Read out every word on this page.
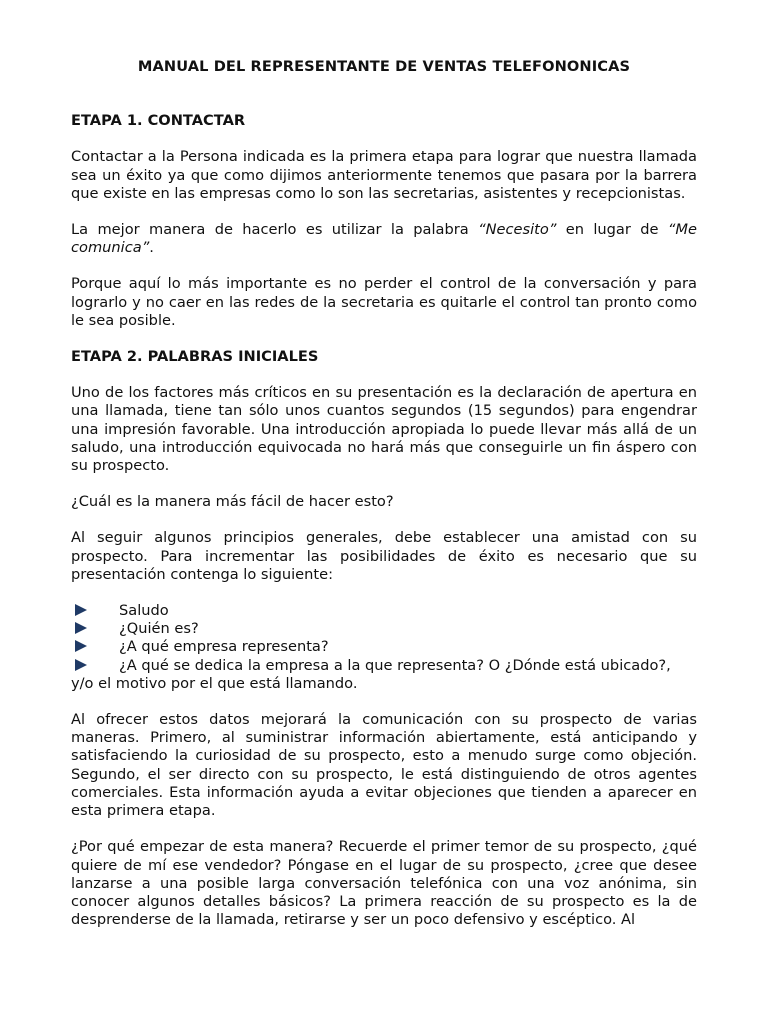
MANUAL DEL REPRESENTANTE DE VENTAS TELEFONONICAS
ETAPA 1. CONTACTAR

Contactar a la Persona indicada es la primera etapa para lograr que nuestra llamada sea un éxito ya que como dijimos anteriormente tenemos que pasara por la barrera que existe en las empresas como lo son las secretarias, asistentes y recepcionistas.

La mejor manera de hacerlo es utilizar la palabra “Necesito” en lugar de “Me comunica”.

Porque aquí lo más importante es no perder el control de la conversación y para lograrlo y no caer en las redes de la secretaria es quitarle el control tan pronto como le sea posible.

ETAPA 2. PALABRAS INICIALES

Uno de los factores más críticos en su presentación es la declaración de apertura en una llamada, tiene tan sólo unos cuantos segundos (15 segundos) para engendrar una impresión favorable. Una introducción apropiada lo puede llevar más allá de un saludo, una introducción equivocada no hará más que conseguirle un fin áspero con su prospecto.

¿Cuál es la manera más fácil de hacer esto?

Al seguir algunos principios generales, debe establecer una amistad con su prospecto. Para incrementar las posibilidades de éxito es necesario que su presentación contenga lo siguiente:

Saludo
¿Quién es?
¿A qué empresa representa?
¿A qué se dedica la empresa a la que representa? O ¿Dónde está ubicado?, y/o el motivo por el que está llamando.

Al ofrecer estos datos mejorará la comunicación con su prospecto de varias maneras. Primero, al suministrar información abiertamente, está anticipando y satisfaciendo la curiosidad de su prospecto, esto a menudo surge como objeción. Segundo, el ser directo con su prospecto, le está distinguiendo de otros agentes comerciales. Esta información ayuda a evitar objeciones que tienden a aparecer en esta primera etapa.

¿Por qué empezar de esta manera? Recuerde el primer temor de su prospecto, ¿qué quiere de mí ese vendedor? Póngase en el lugar de su prospecto, ¿cree que desee lanzarse a una posible larga conversación telefónica con una voz anónima, sin conocer algunos detalles básicos? La primera reacción de su prospecto es la de desprenderse de la llamada, retirarse y ser un poco defensivo y escéptico. Al
